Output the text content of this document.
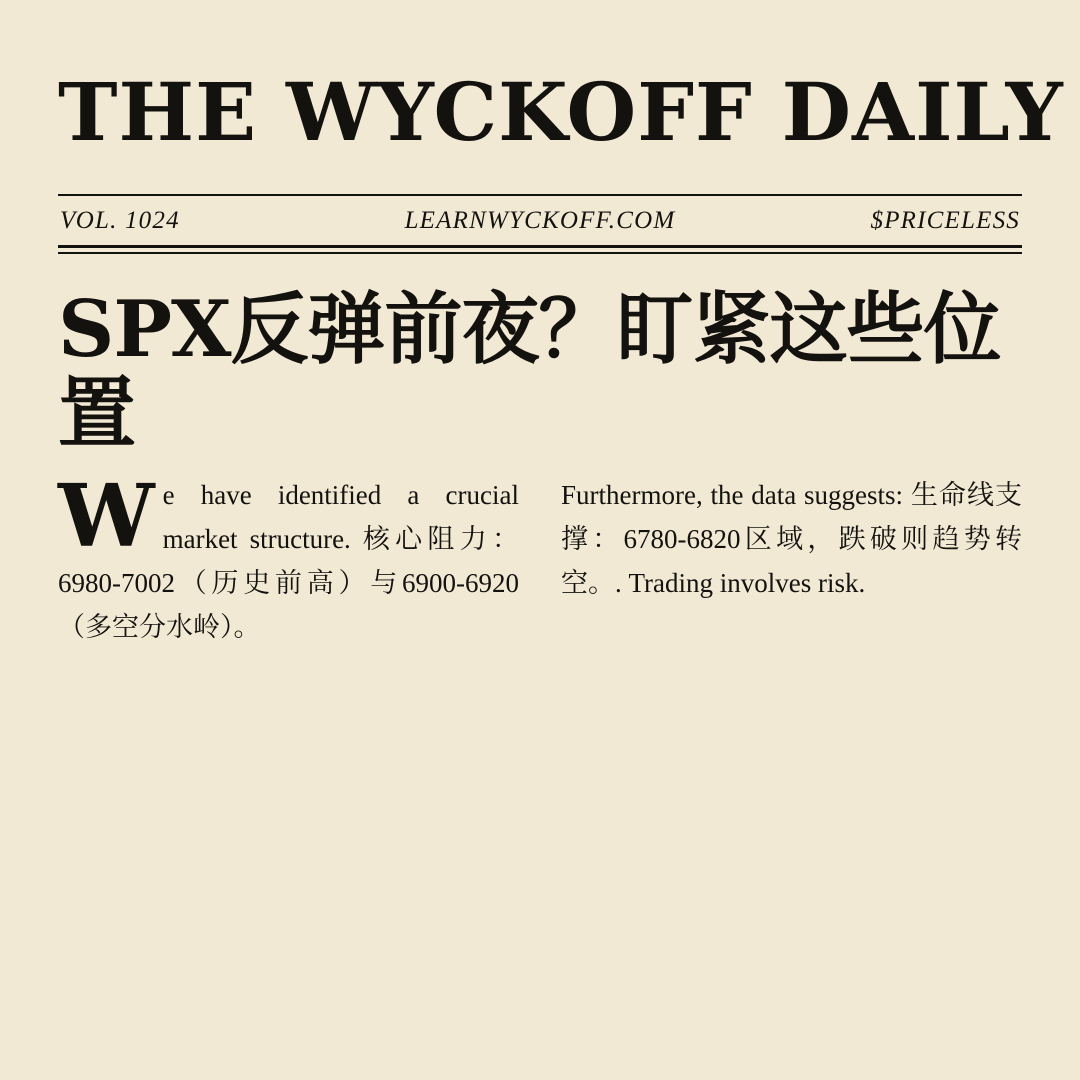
THE WYCKOFF DAILY
VOL. 1024	LEARNWYCKOFF.COM	$PRICELESS
SPX反弹前夜？盯紧这些位置

We have identified a crucial market structure. 核心阻力：6980-7002（历史前高）与6900-6920（多空分水岭）。

Furthermore, the data suggests: 生命线支撑：6780-6820区域，跌破则趋势转空。. Trading involves risk.
